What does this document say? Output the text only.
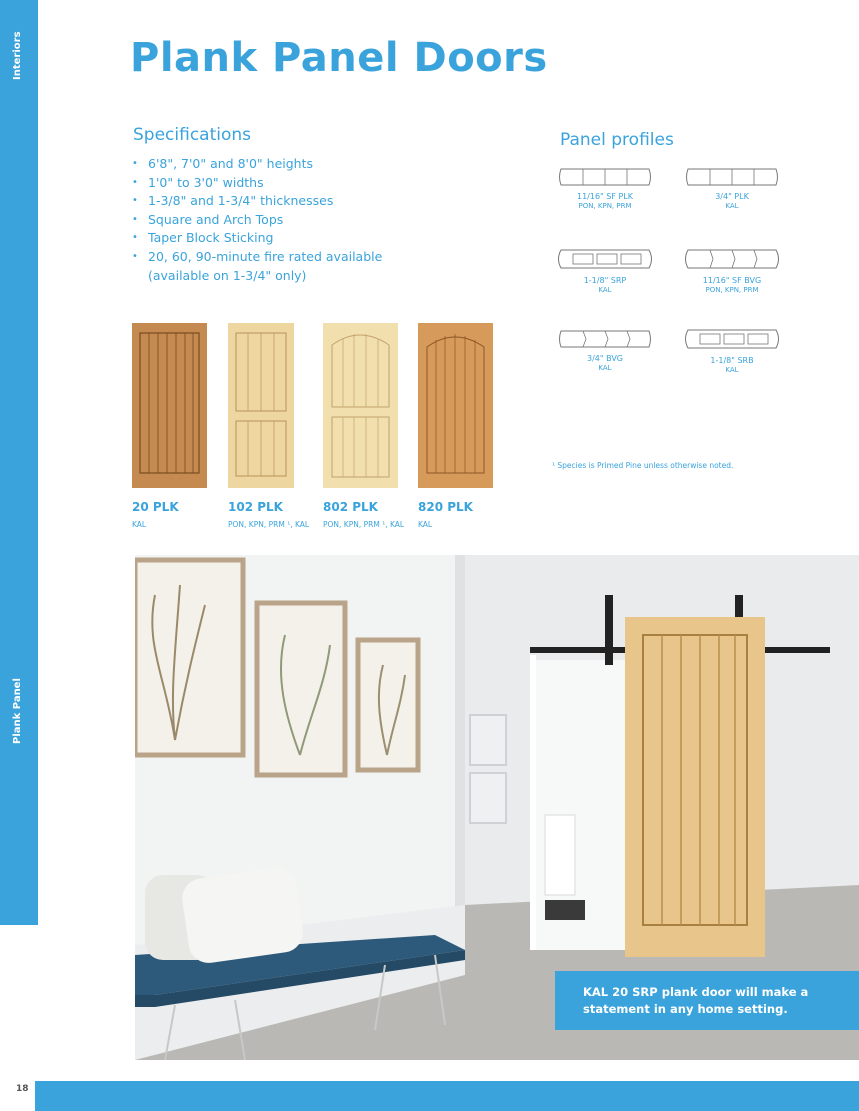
Interiors
Plank Panel
18
Plank Panel Doors
Specifications
• 6'8", 7'0" and 8'0" heights
• 1'0" to 3'0" widths
• 1-3/8" and 1-3/4" thicknesses
• Square and Arch Tops
• Taper Block Sticking
• 20, 60, 90-minute fire rated available (available on 1-3/4" only)
Panel profiles
11/16" SF PLK
PON, KPN, PRM
3/4" PLK
KAL
1-1/8" SRP
KAL
11/16" SF BVG
PON, KPN, PRM
3/4" BVG
KAL
1-1/8" SRB
KAL
¹ Species is Primed Pine unless otherwise noted.
20 PLK
KAL
102 PLK
PON, KPN, PRM ¹, KAL
802 PLK
PON, KPN, PRM ¹, KAL
820 PLK
KAL
KAL 20 SRP plank door will make a statement in any home setting.
